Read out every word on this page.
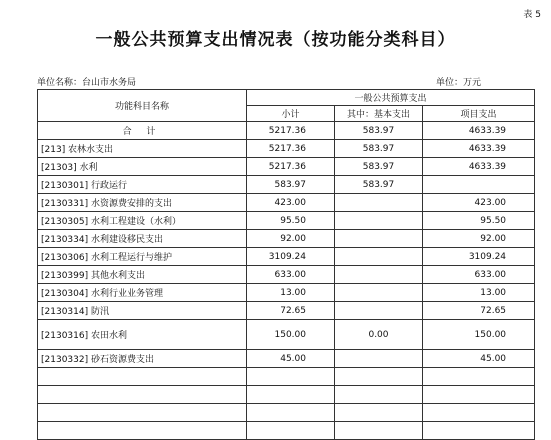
表 5
一般公共预算支出情况表（按功能分类科目）
单位名称：台山市水务局	单位：万元
功能科目名称	一般公共预算支出		
	小计	其中：基本支出	项目支出
合 计	5217.36	583.97	4633.39
[213] 农林水支出	5217.36	583.97	4633.39
[21303] 水利	5217.36	583.97	4633.39
[2130301] 行政运行	583.97	583.97	
[2130331] 水资源费安排的支出	423.00		423.00
[2130305] 水利工程建设（水利）	95.50		95.50
[2130334] 水利建设移民支出	92.00		92.00
[2130306] 水利工程运行与维护	3109.24		3109.24
[2130399] 其他水利支出	633.00		633.00
[2130304] 水利行业业务管理	13.00		13.00
[2130314] 防汛	72.65		72.65
[2130316] 农田水利	150.00	0.00	150.00
[2130332] 砂石资源费支出	45.00		45.00
